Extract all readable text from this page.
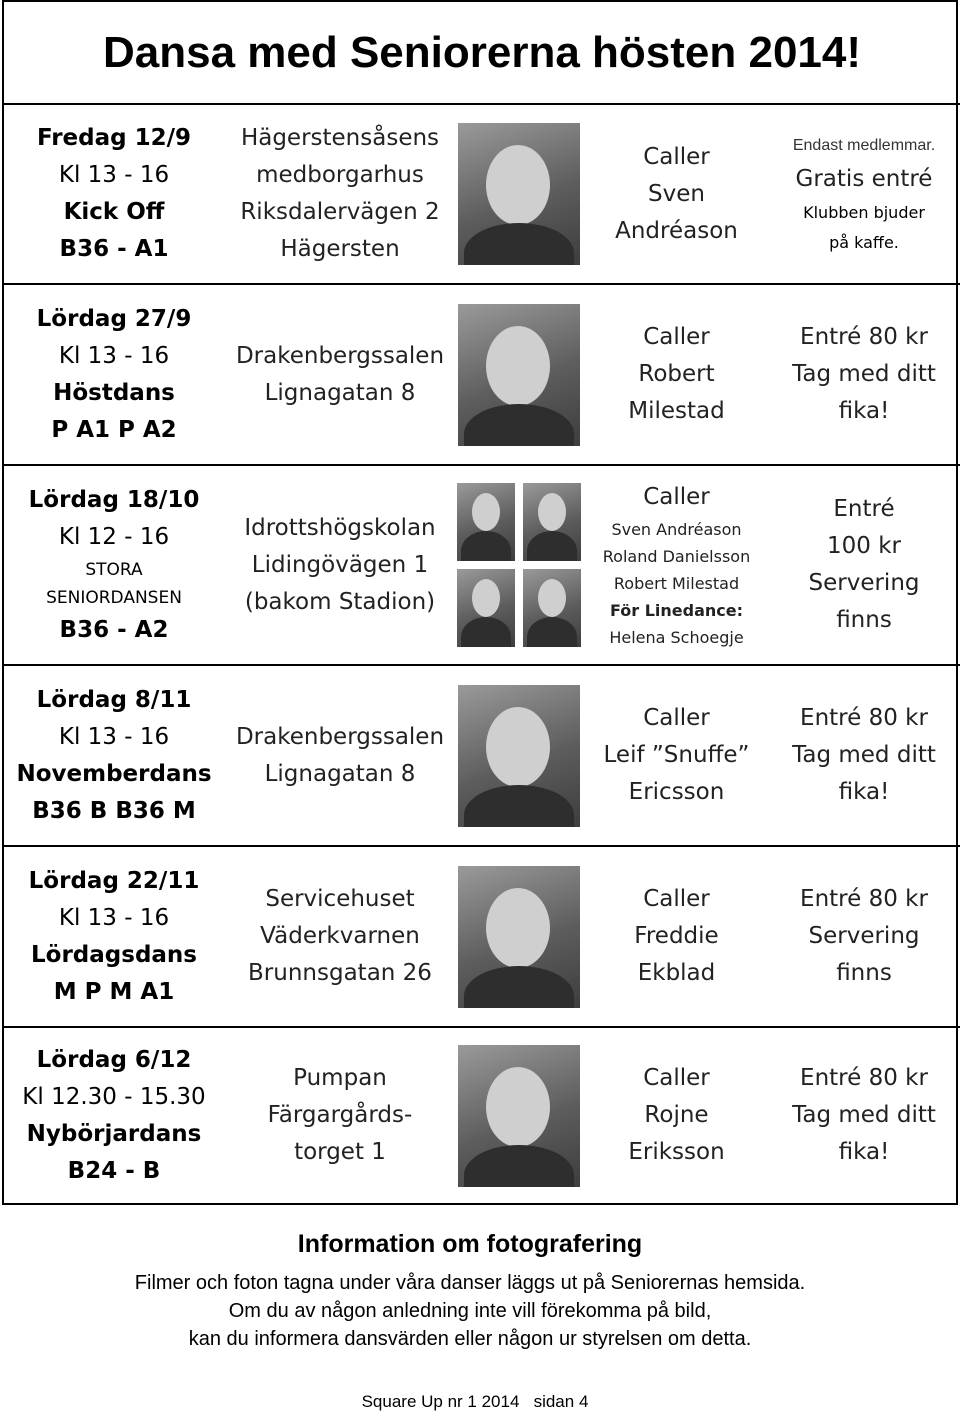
Dansa med Seniorerna hösten 2014!
Fredag 12/9
Kl 13 - 16
Kick Off
B36 - A1
Hägerstensåsens
medborgarhus
Riksdalervägen 2
Hägersten
Caller
Sven
Andréason
Endast medlemmar.
Gratis entré
Klubben bjuder
på kaffe.
Lördag 27/9
Kl 13 - 16
Höstdans
P A1 P A2
Drakenbergssalen
Lignagatan 8
Caller
Robert
Milestad
Entré 80 kr
Tag med ditt
fika!
Lördag 18/10
Kl 12 - 16
STORA
SENIORDANSEN
B36 - A2
Idrottshögskolan
Lidingövägen 1
(bakom Stadion)
Caller
Sven Andréason
Roland Danielsson
Robert Milestad
För Linedance:
Helena Schoegje
Entré
100 kr
Servering
finns
Lördag 8/11
Kl 13 - 16
Novemberdans
B36 B B36 M
Drakenbergssalen
Lignagatan 8
Caller
Leif ”Snuffe”
Ericsson
Entré 80 kr
Tag med ditt
fika!
Lördag 22/11
Kl 13 - 16
Lördagsdans
M P M A1
Servicehuset
Väderkvarnen
Brunnsgatan 26
Caller
Freddie
Ekblad
Entré 80 kr
Servering
finns
Lördag 6/12
Kl 12.30 - 15.30
Nybörjardans
B24 - B
Pumpan
Färgargårds-
torget 1
Caller
Rojne
Eriksson
Entré 80 kr
Tag med ditt
fika!
Information om fotografering
Filmer och foton tagna under våra danser läggs ut på Seniorernas hemsida.
Om du av någon anledning inte vill förekomma på bild,
kan du informera dansvärden eller någon ur styrelsen om detta.
Square Up nr 1 2014   sidan 4
